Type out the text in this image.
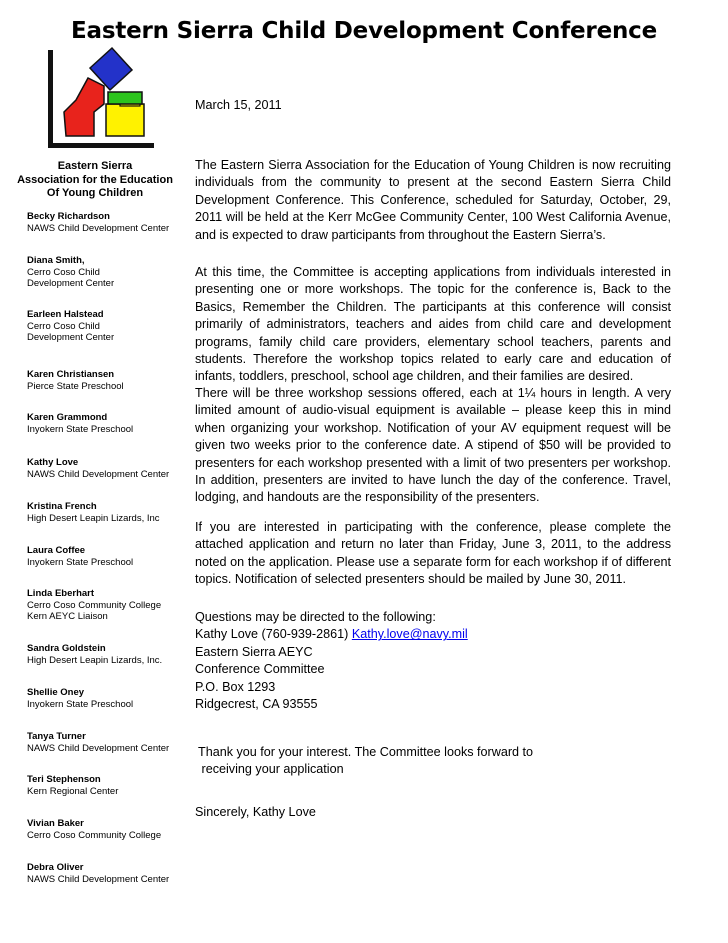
Eastern Sierra Child Development Conference
Eastern Sierra
Association for the Education
Of Young Children
Becky Richardson
NAWS Child Development Center
Diana Smith,
Cerro Coso Child
Development Center
Earleen Halstead
Cerro Coso Child
Development Center
Karen Christiansen
Pierce State Preschool
Karen Grammond
Inyokern State Preschool
Kathy Love
NAWS Child Development Center
Kristina French
High Desert Leapin Lizards, Inc
Laura Coffee
Inyokern State Preschool
Linda Eberhart
Cerro Coso Community College
Kern AEYC Liaison
Sandra Goldstein
High Desert Leapin Lizards, Inc.
Shellie Oney
Inyokern State Preschool
Tanya Turner
NAWS Child Development Center
Teri Stephenson
Kern Regional Center
Vivian Baker
Cerro Coso Community College
Debra Oliver
NAWS Child Development Center
March 15, 2011
The Eastern Sierra Association for the Education of Young Children is now recruiting individuals from the community to present at the second Eastern Sierra Child Development Conference. This Conference, scheduled for Saturday, October, 29, 2011 will be held at the Kerr McGee Community Center, 100 West California Avenue, and is expected to draw participants from throughout the Eastern Sierra’s.
At this time, the Committee is accepting applications from individuals interested in presenting one or more workshops. The topic for the conference is, Back to the Basics, Remember the Children. The participants at this conference will consist primarily of administrators, teachers and aides from child care and development programs, family child care providers, elementary school teachers, parents and students. Therefore the workshop topics related to early care and education of infants, toddlers, preschool, school age children, and their families are desired.
There will be three workshop sessions offered, each at 1¼ hours in length. A very limited amount of audio-visual equipment is available – please keep this in mind when organizing your workshop. Notification of your AV equipment request will be given two weeks prior to the conference date. A stipend of $50 will be provided to presenters for each workshop presented with a limit of two presenters per workshop. In addition, presenters are invited to have lunch the day of the conference. Travel, lodging, and handouts are the responsibility of the presenters.
If you are interested in participating with the conference, please complete the attached application and return no later than Friday, June 3, 2011, to the address noted on the application. Please use a separate form for each workshop if of different topics. Notification of selected presenters should be mailed by June 30, 2011.
Questions may be directed to the following:
Kathy Love (760-939-2861) Kathy.love@navy.mil
Eastern Sierra AEYC
Conference Committee
P.O. Box 1293
Ridgecrest, CA 93555
Thank you for your interest. The Committee looks forward to
receiving your application
Sincerely, Kathy Love
